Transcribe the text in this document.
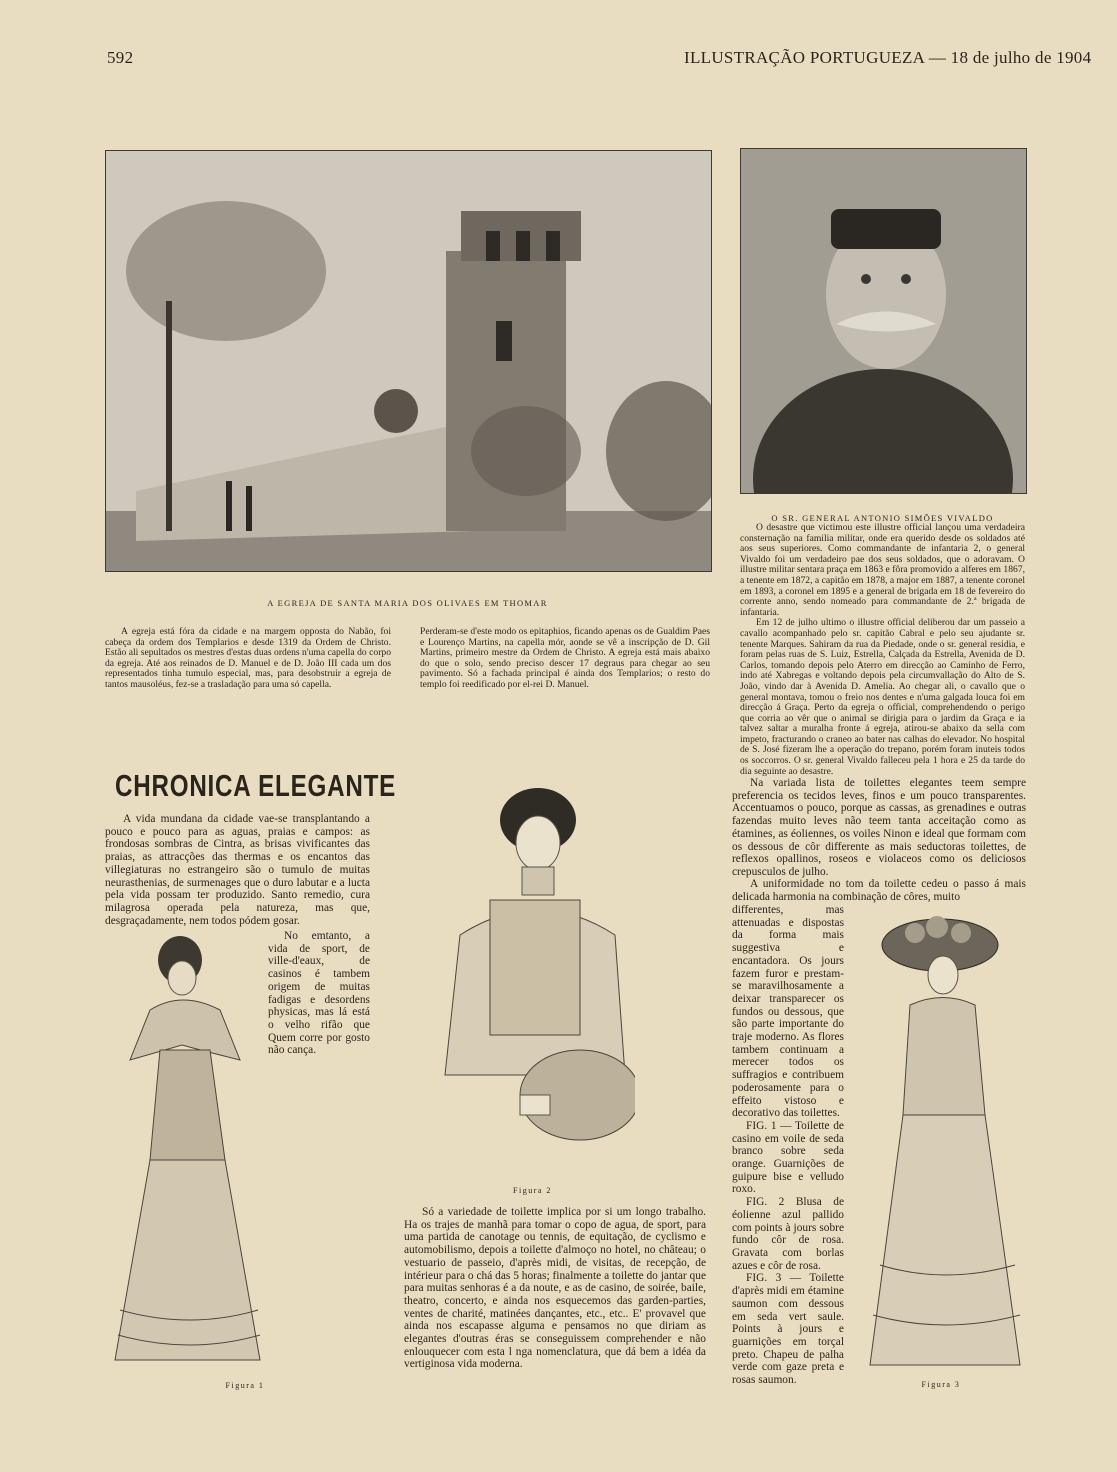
592	ILLUSTRAÇÃO PORTUGUEZA — 18 de julho de 1904
A EGREJA DE SANTA MARIA DOS OLIVAES EM THOMAR
A egreja está fóra da cidade e na margem opposta do Nabão, foi cabeça da ordem dos Templarios e desde 1319 da Ordem de Christo. Estão ali sepultados os mestres d'estas duas ordens n'uma capella do corpo da egreja. Até aos reinados de D. Manuel e de D. João III cada um dos representados tinha tumulo especial, mas, para desobstruir a egreja de tantos mausoléus, fez-se a trasladação para uma só capella.
Perderam-se d'este modo os epitaphios, ficando apenas os de Gualdim Paes e Lourenço Martins, na capella mór, aonde se vê a inscripção de D. Gil Martins, primeiro mestre da Ordem de Christo. A egreja está mais abaixo do que o solo, sendo preciso descer 17 degraus para chegar ao seu pavimento. Só a fachada principal é ainda dos Templarios; o resto do templo foi reedificado por el-rei D. Manuel.
O SR. GENERAL ANTONIO SIMÕES VIVALDO
O desastre que victimou este illustre official lançou uma verdadeira consternação na familia militar, onde era querido desde os soldados até aos seus superiores. Como commandante de infantaria 2, o general Vivaldo foi um verdadeiro pae dos seus soldados, que o adoravam. O illustre militar sentara praça em 1863 e fôra promovido a alferes em 1867, a tenente em 1872, a capitão em 1878, a major em 1887, a tenente coronel em 1893, a coronel em 1895 e a general de brigada em 18 de fevereiro do corrente anno, sendo nomeado para commandante de 2.ª brigada de infantaria.
Em 12 de julho ultimo o illustre official deliberou dar um passeio a cavallo acompanhado pelo sr. capitão Cabral e pelo seu ajudante sr. tenente Marques. Sahiram da rua da Piedade, onde o sr. general residia, e foram pelas ruas de S. Luiz, Estrella, Calçada da Estrella, Avenida de D. Carlos, tomando depois pelo Aterro em direcção ao Caminho de Ferro, indo até Xabregas e voltando depois pela circumvallação do Alto de S. João, vindo dar à Avenida D. Amelia. Ao chegar ali, o cavallo que o general montava, tomou o freio nos dentes e n'uma galgada louca foi em direcção á Graça. Perto da egreja o official, comprehendendo o perigo que corria ao vêr que o animal se dirigia para o jardim da Graça e ia talvez saltar a muralha fronte á egreja, atirou-se abaixo da sella com impeto, fracturando o craneo ao bater nas calhas do elevador. No hospital de S. José fizeram lhe a operação do trepano, porém foram inuteis todos os soccorros. O sr. general Vivaldo falleceu pela 1 hora e 25 da tarde do dia seguinte ao desastre.
CHRONICA ELEGANTE
A vida mundana da cidade vae-se transplantando a pouco e pouco para as aguas, praias e campos: as frondosas sombras de Cintra, as brisas vivificantes das praias, as attracções das thermas e os encantos das villegiaturas no estrangeiro são o tumulo de muitas neurasthenias, de surmenages que o duro labutar e a lucta pela vida possam ter produzido. Santo remedio, cura milagrosa operada pela natureza, mas que, desgraçadamente, nem todos pódem gosar.
No emtanto, a vida de sport, de ville-d'eaux, de casinos é tambem origem de muitas fadigas e desordens physicas, mas lá está o velho rifão que Quem corre por gosto não cança.
Figura 1
Figura 2
Só a variedade de toilette implica por si um longo trabalho. Ha os trajes de manhã para tomar o copo de agua, de sport, para uma partida de canotage ou tennis, de equitação, de cyclismo e automobilismo, depois a toilette d'almoço no hotel, no château; o vestuario de passeio, d'après midi, de visitas, de recepção, de intérieur para o chá das 5 horas; finalmente a toilette do jantar que para muitas senhoras é a da noute, e as de casino, de soirée, baile, theatro, concerto, e ainda nos esquecemos das garden-parties, ventes de charité, matinées dançantes, etc., etc.. E' provavel que ainda nos escapasse alguma e pensamos no que diriam as elegantes d'outras éras se conseguissem comprehender e não enlouquecer com esta l nga nomenclatura, que dá bem a idéa da vertiginosa vida moderna.
Na variada lista de toilettes elegantes teem sempre preferencia os tecidos leves, finos e um pouco transparentes. Accentuamos o pouco, porque as cassas, as grenadines e outras fazendas muito leves não teem tanta acceitação como as étamines, as éoliennes, os voiles Ninon e ideal que formam com os dessous de côr differente as mais seductoras toilettes, de reflexos opallinos, roseos e violaceos como os deliciosos crepusculos de julho.
A uniformidade no tom da toilette cedeu o passo á mais delicada harmonia na combinação de côres, muito
differentes, mas attenuadas e dispostas da forma mais suggestiva e encantadora. Os jours fazem furor e prestam-se maravilhosamente a deixar transparecer os fundos ou dessous, que são parte importante do traje moderno. As flores tambem continuam a merecer todos os suffragios e contribuem poderosamente para o effeito vistoso e decorativo das toilettes.
FIG. 1 — Toilette de casino em voile de seda branco sobre seda orange. Guarnições de guipure bise e velludo roxo.
FIG. 2 Blusa de éolienne azul pallido com points à jours sobre fundo côr de rosa. Gravata com borlas azues e côr de rosa.
FIG. 3 — Toilette d'après midi em étamine saumon com dessous em seda vert saule. Points à jours e guarnições em torçal preto. Chapeu de palha verde com gaze preta e rosas saumon.	Figura 3
